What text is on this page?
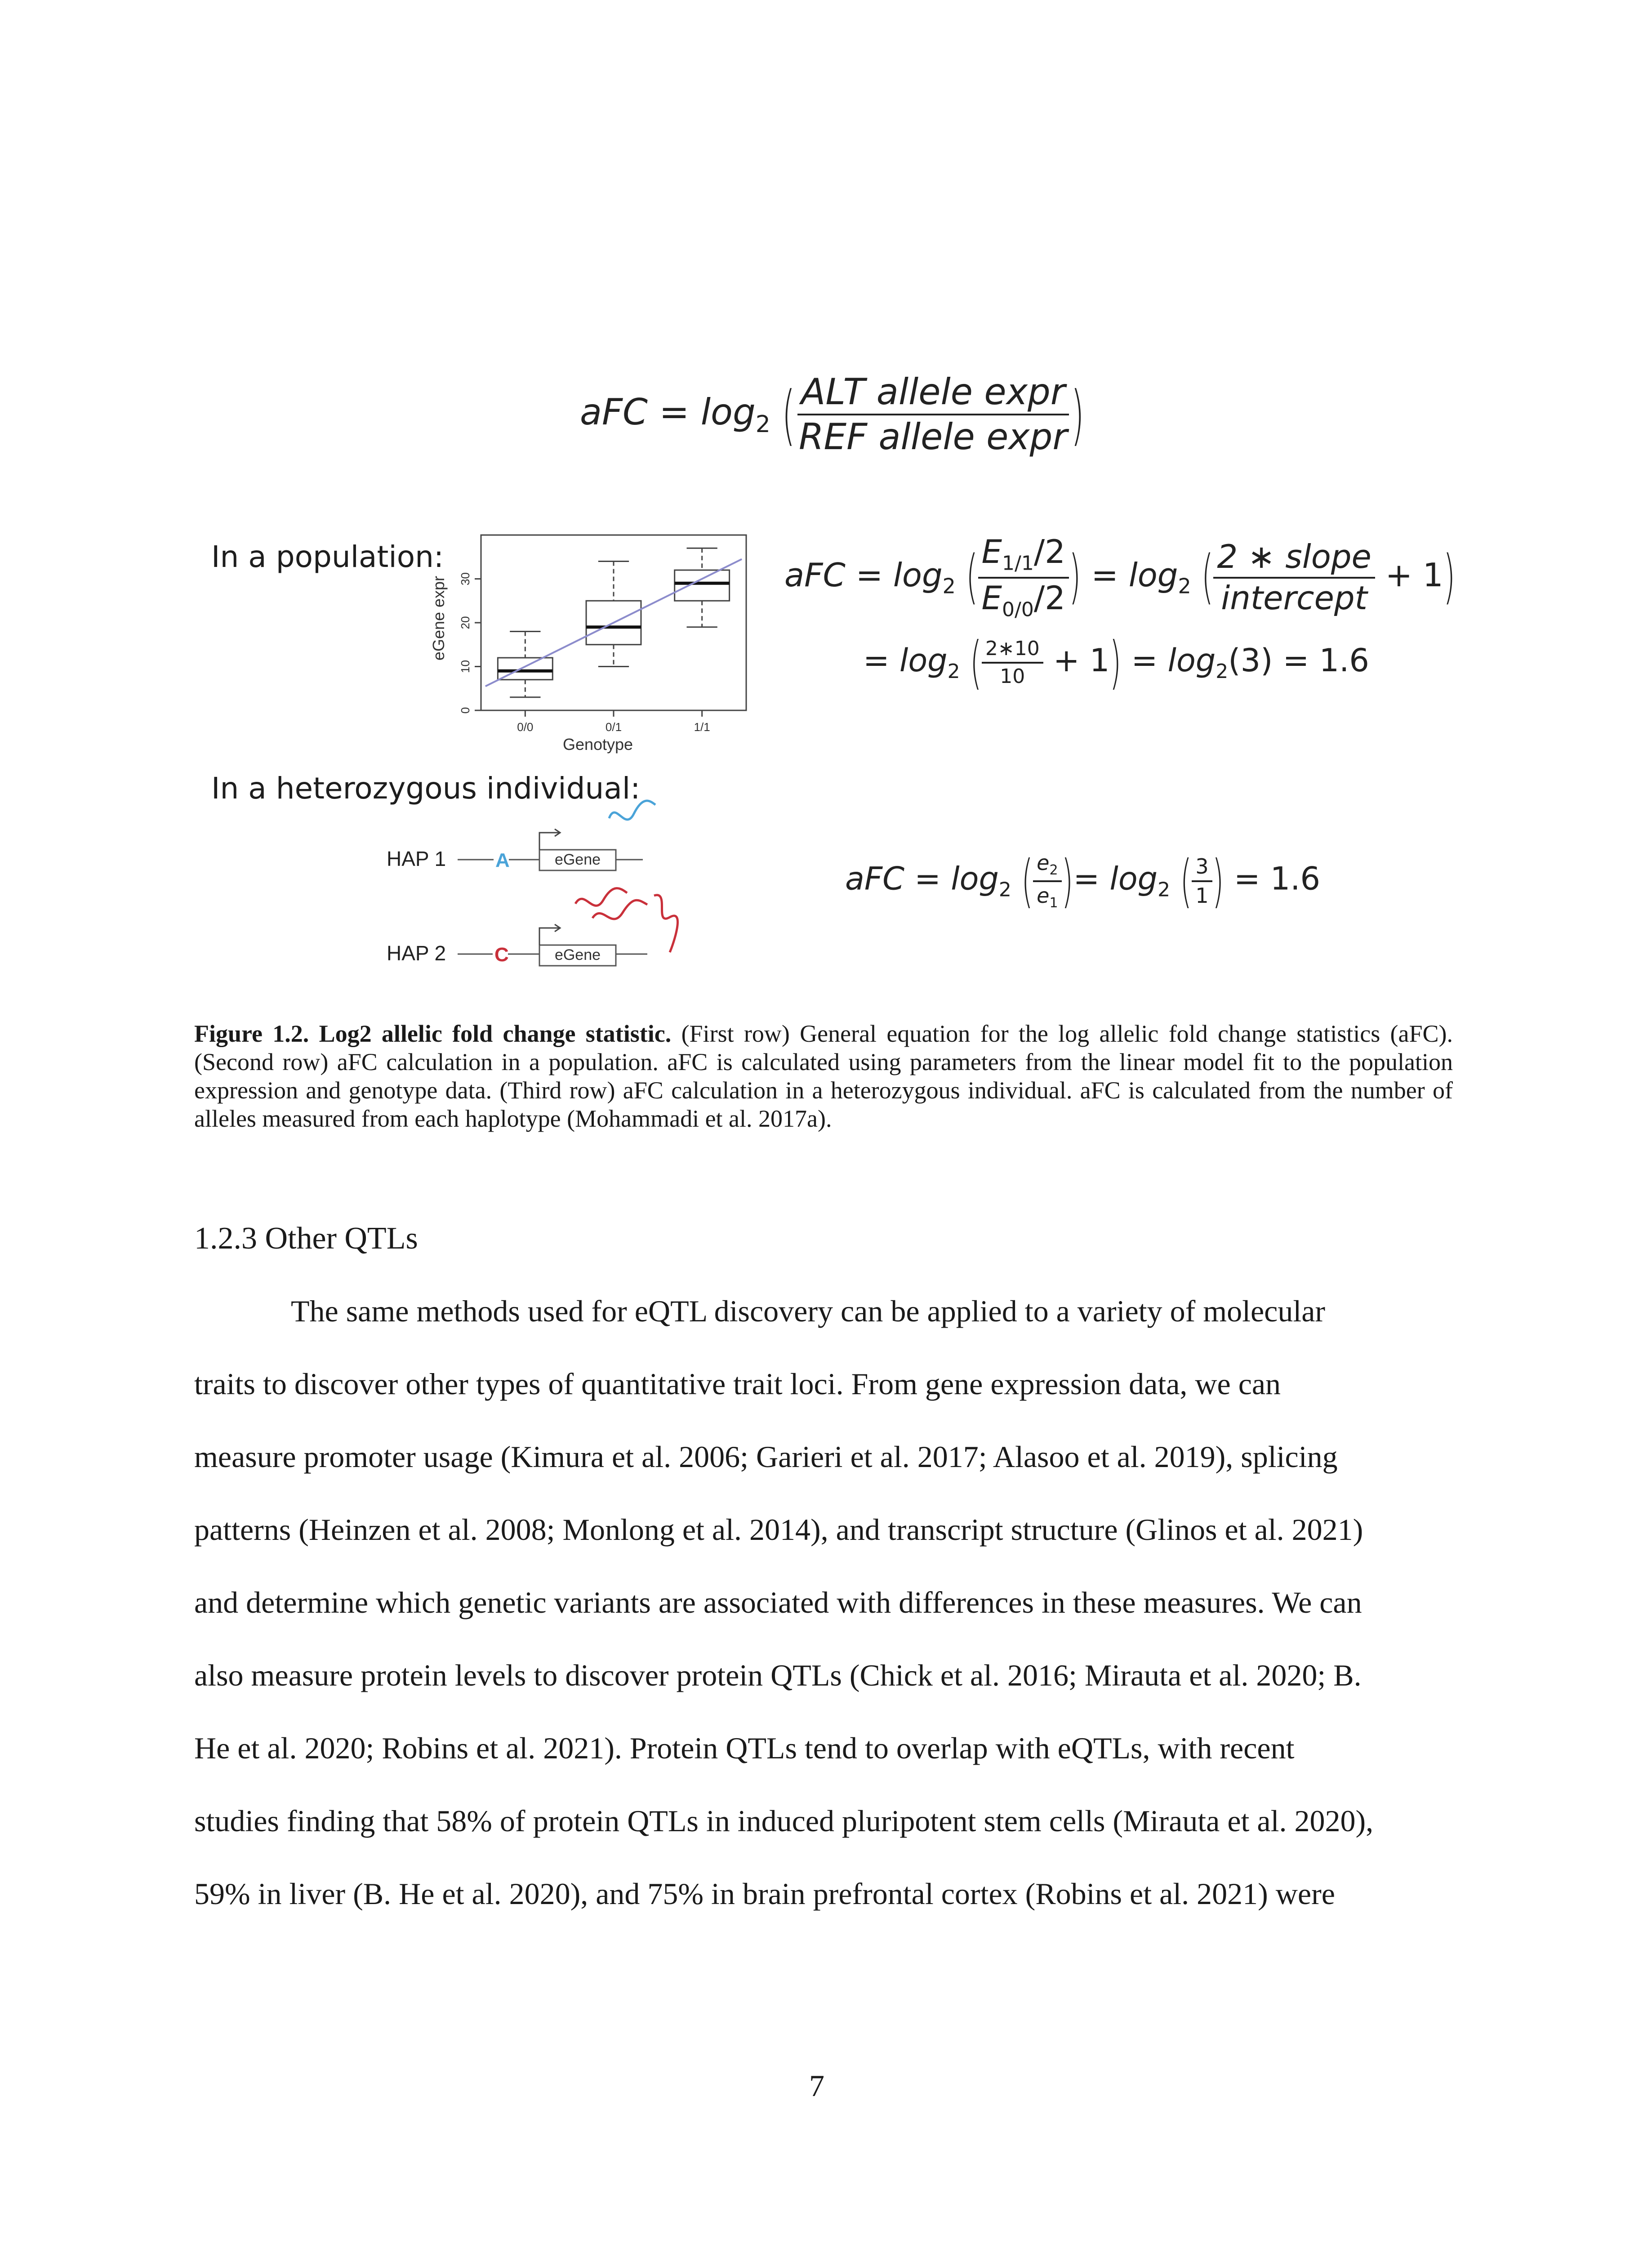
aFC = $\log_2$ ( $\frac{\text{ALT allele expr}}{\text{REF allele expr}}$ )
In a population:
In a heterozygous individual:
eGene expr
Genotype
0
10
20
30
0/0	0/1	1/1
aFC = $\log_2$ ( $\frac{E_{1/1}/2}{E_{0/0}/2}$ ) = $\log_2$ ( $\frac{\text{2 ∗ slope}}{\text{intercept}} + 1$)
= $\log_2$ ( $\frac{2∗10}{10} + 1) = \log_2(3) = 1.6$
HAP 1 A	eGene
HAP 2 C	eGene
aFC = $\log_2$ ( $\frac{e_2}{e_1}$ )= $\log_2$ ( $\frac{3}{1}$ ) = 1.6
Figure 1.2. Log2 allelic fold change statistic. (First row) General equation for the log allelic fold change statistics (aFC). (Second row) aFC calculation in a population. aFC is calculated using parameters from the linear model fit to the population expression and genotype data. (Third row) aFC calculation in a heterozygous individual. aFC is calculated from the number of alleles measured from each haplotype (Mohammadi et al. 2017a).
1.2.3 Other QTLs
The same methods used for eQTL discovery can be applied to a variety of molecular
traits to discover other types of quantitative trait loci. From gene expression data, we can
measure promoter usage (Kimura et al. 2006; Garieri et al. 2017; Alasoo et al. 2019), splicing
patterns (Heinzen et al. 2008; Monlong et al. 2014), and transcript structure (Glinos et al. 2021)
and determine which genetic variants are associated with differences in these measures. We can
also measure protein levels to discover protein QTLs (Chick et al. 2016; Mirauta et al. 2020; B.
He et al. 2020; Robins et al. 2021). Protein QTLs tend to overlap with eQTLs, with recent
studies finding that 58% of protein QTLs in induced pluripotent stem cells (Mirauta et al. 2020),
59% in liver (B. He et al. 2020), and 75% in brain prefrontal cortex (Robins et al. 2021) were
7
